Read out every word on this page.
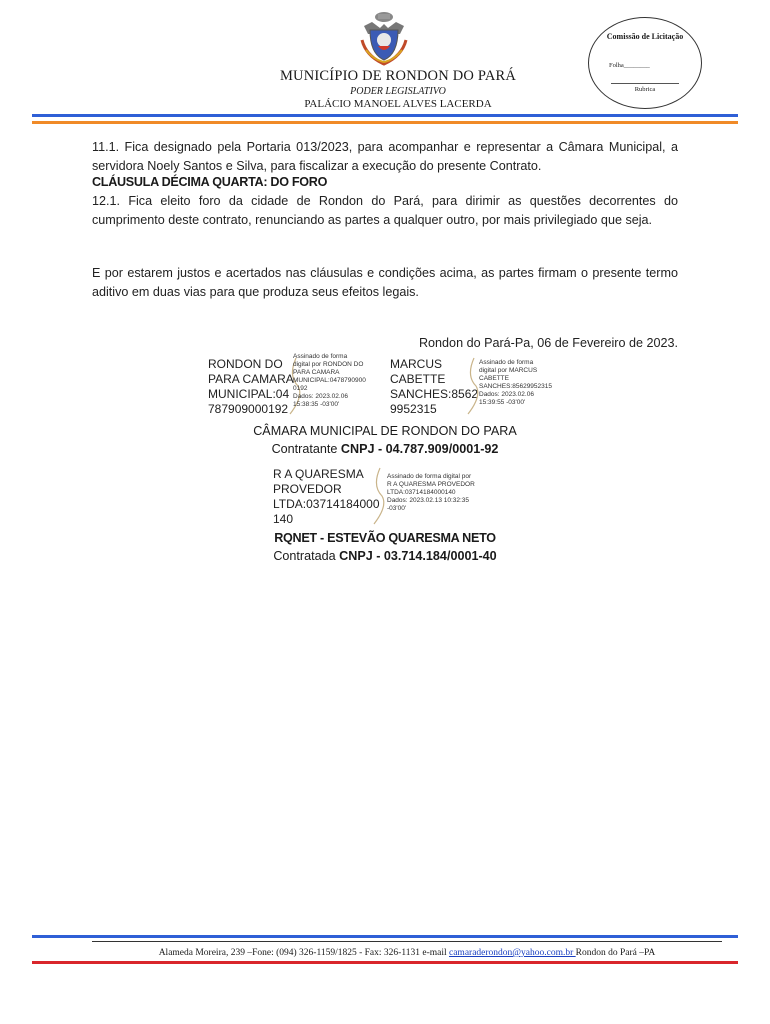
MUNICÍPIO DE RONDON DO PARÁ
PODER LEGISLATIVO
PALÁCIO MANOEL ALVES LACERDA
Comissão de Licitação
Folha________
Rubrica
11.1. Fica designado pela Portaria 013/2023, para acompanhar e representar a Câmara Municipal, a servidora Noely Santos e Silva, para fiscalizar a execução do presente Contrato.
CLÁUSULA DÉCIMA QUARTA: DO FORO
12.1. Fica eleito foro da cidade de Rondon do Pará, para dirimir as questões decorrentes do cumprimento deste contrato, renunciando as partes a qualquer outro, por mais privilegiado que seja.
E por estarem justos e acertados nas cláusulas e condições acima, as partes firmam o presente termo aditivo em duas vias para que produza seus efeitos legais.
Rondon do Pará-Pa, 06 de Fevereiro de 2023.
RONDON DO
PARA CAMARA
MUNICIPAL:04
787909000192
Assinado de forma
digital por RONDON DO
PARA CAMARA
MUNICIPAL:0478790900
0192
Dados: 2023.02.06
15:38:35 -03'00'
MARCUS
CABETTE
SANCHES:8562
9952315
Assinado de forma
digital por MARCUS
CABETTE
SANCHES:85629952315
Dados: 2023.02.06
15:39:55 -03'00'
CÂMARA MUNICIPAL DE RONDON DO PARA
Contratante CNPJ - 04.787.909/0001-92
R A QUARESMA
PROVEDOR
LTDA:03714184000
140
Assinado de forma digital por
R A QUARESMA PROVEDOR
LTDA:03714184000140
Dados: 2023.02.13 10:32:35
-03'00'
RQNET - ESTEVÃO QUARESMA NETO
Contratada CNPJ - 03.714.184/0001-40
Alameda Moreira, 239 –Fone: (094) 326-1159/1825 - Fax: 326-1131 e-mail camaraderondon@yahoo.com.br Rondon do Pará –PA
